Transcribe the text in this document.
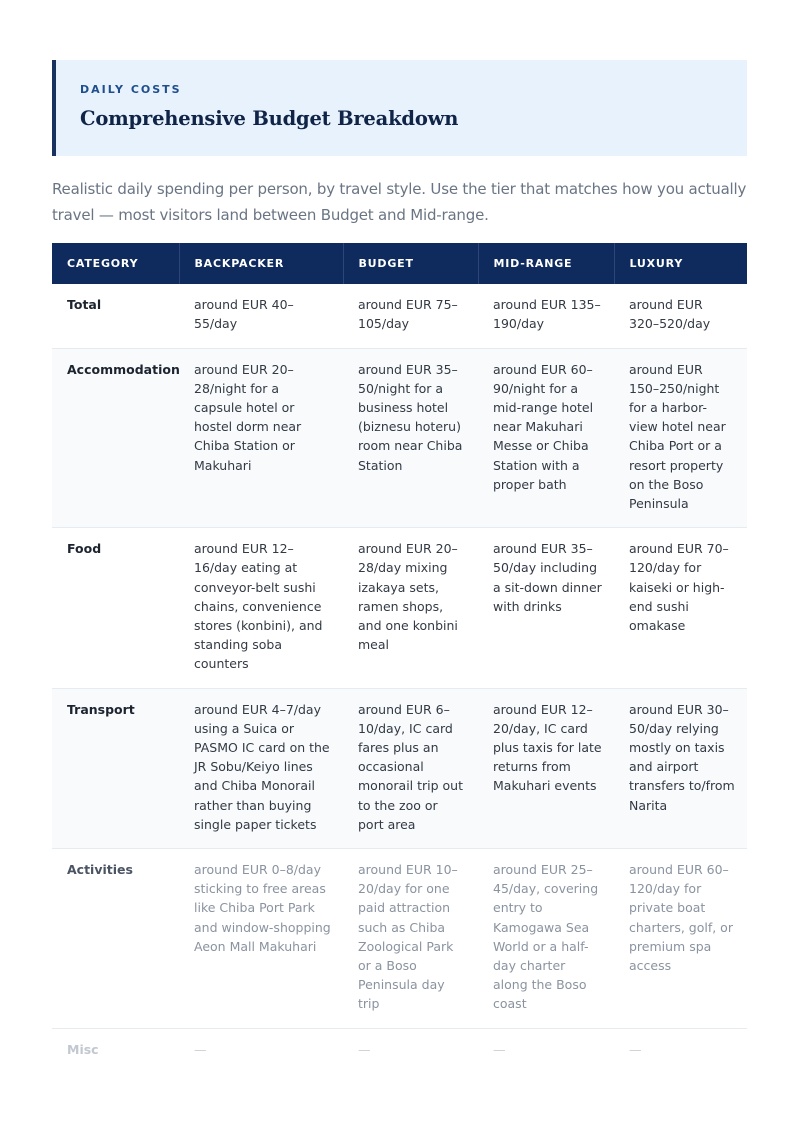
DAILY COSTS

Comprehensive Budget Breakdown

Realistic daily spending per person, by travel style. Use the tier that matches how you actually travel — most visitors land between Budget and Mid-range.

CATEGORY	BACKPACKER	BUDGET	MID-RANGE	LUXURY
Total	around EUR 40–55/day	around EUR 75–105/day	around EUR 135–190/day	around EUR 320–520/day
Accommodation	around EUR 20–28/night for a capsule hotel or hostel dorm near Chiba Station or Makuhari	around EUR 35–50/night for a business hotel (biznesu hoteru) room near Chiba Station	around EUR 60–90/night for a mid-range hotel near Makuhari Messe or Chiba Station with a proper bath	around EUR 150–250/night for a harbor-view hotel near Chiba Port or a resort property on the Boso Peninsula
Food	around EUR 12–16/day eating at conveyor-belt sushi chains, convenience stores (konbini), and standing soba counters	around EUR 20–28/day mixing izakaya sets, ramen shops, and one konbini meal	around EUR 35–50/day including a sit-down dinner with drinks	around EUR 70–120/day for kaiseki or high-end sushi omakase
Transport	around EUR 4–7/day using a Suica or PASMO IC card on the JR Sobu/Keiyo lines and Chiba Monorail rather than buying single paper tickets	around EUR 6–10/day, IC card fares plus an occasional monorail trip out to the zoo or port area	around EUR 12–20/day, IC card plus taxis for late returns from Makuhari events	around EUR 30–50/day relying mostly on taxis and airport transfers to/from Narita
Activities	around EUR 0–8/day sticking to free areas like Chiba Port Park and window-shopping Aeon Mall Makuhari	around EUR 10–20/day for one paid attraction such as Chiba Zoological Park or a Boso Peninsula day trip	around EUR 25–45/day, covering entry to Kamogawa Sea World or a half-day charter along the Boso coast	around EUR 60–120/day for private boat charters, golf, or premium spa access
Misc	—	—	—	—
